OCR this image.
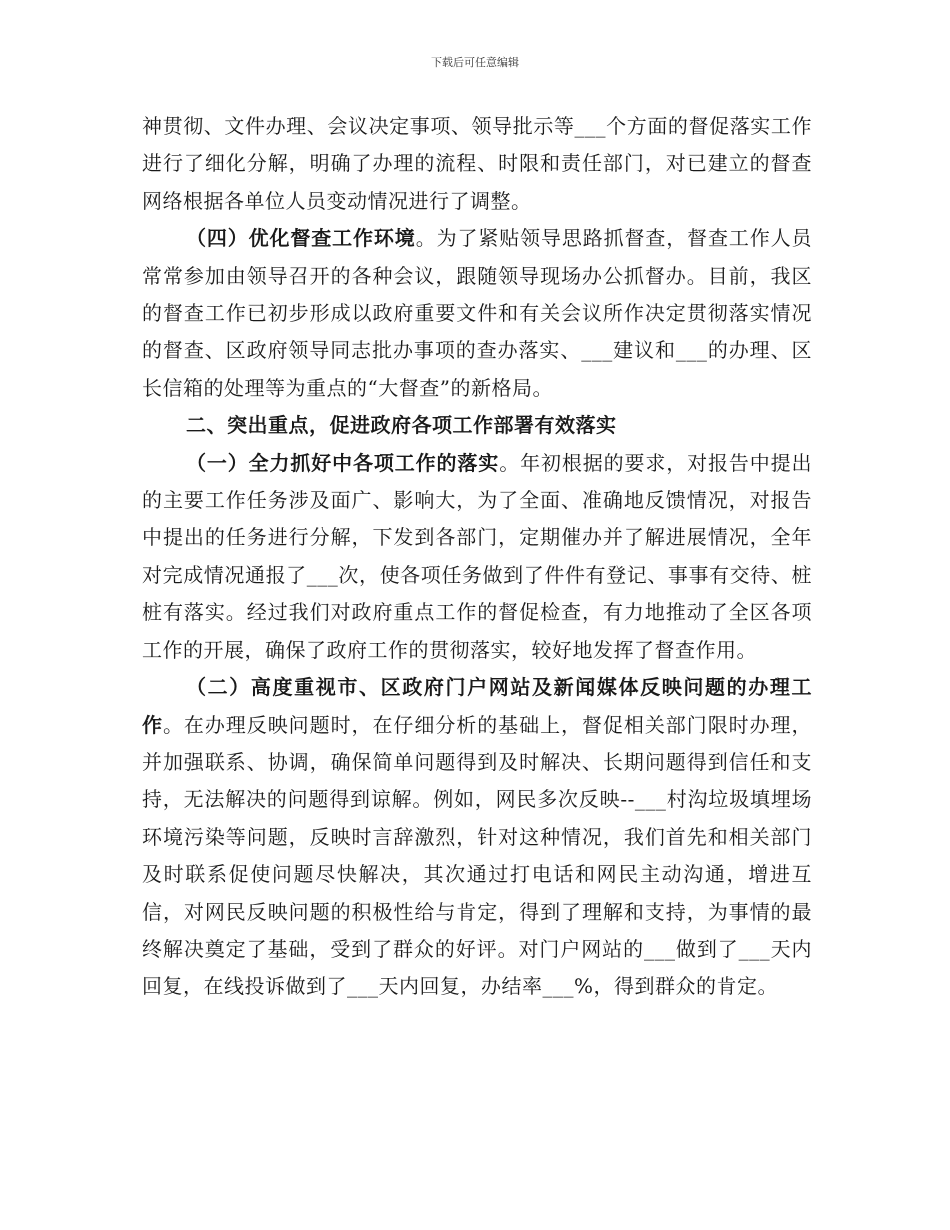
下载后可任意编辑

神贯彻、文件办理、会议决定事项、领导批示等___个方面的督促落实工作进行了细化分解，明确了办理的流程、时限和责任部门，对已建立的督查网络根据各单位人员变动情况进行了调整。

（四）优化督查工作环境。为了紧贴领导思路抓督查，督查工作人员常常参加由领导召开的各种会议，跟随领导现场办公抓督办。目前，我区的督查工作已初步形成以政府重要文件和有关会议所作决定贯彻落实情况的督查、区政府领导同志批办事项的查办落实、___建议和___的办理、区长信箱的处理等为重点的“大督查”的新格局。

二、突出重点，促进政府各项工作部署有效落实

（一）全力抓好中各项工作的落实。年初根据的要求，对报告中提出的主要工作任务涉及面广、影响大，为了全面、准确地反馈情况，对报告中提出的任务进行分解，下发到各部门，定期催办并了解进展情况，全年对完成情况通报了___次，使各项任务做到了件件有登记、事事有交待、桩桩有落实。经过我们对政府重点工作的督促检查，有力地推动了全区各项工作的开展，确保了政府工作的贯彻落实，较好地发挥了督查作用。

（二）高度重视市、区政府门户网站及新闻媒体反映问题的办理工作。在办理反映问题时，在仔细分析的基础上，督促相关部门限时办理，并加强联系、协调，确保简单问题得到及时解决、长期问题得到信任和支持，无法解决的问题得到谅解。例如，网民多次反映--___村沟垃圾填埋场环境污染等问题，反映时言辞激烈，针对这种情况，我们首先和相关部门及时联系促使问题尽快解决，其次通过打电话和网民主动沟通，增进互信，对网民反映问题的积极性给与肯定，得到了理解和支持，为事情的最终解决奠定了基础，受到了群众的好评。对门户网站的___做到了___天内回复，在线投诉做到了___天内回复，办结率___%，得到群众的肯定。
